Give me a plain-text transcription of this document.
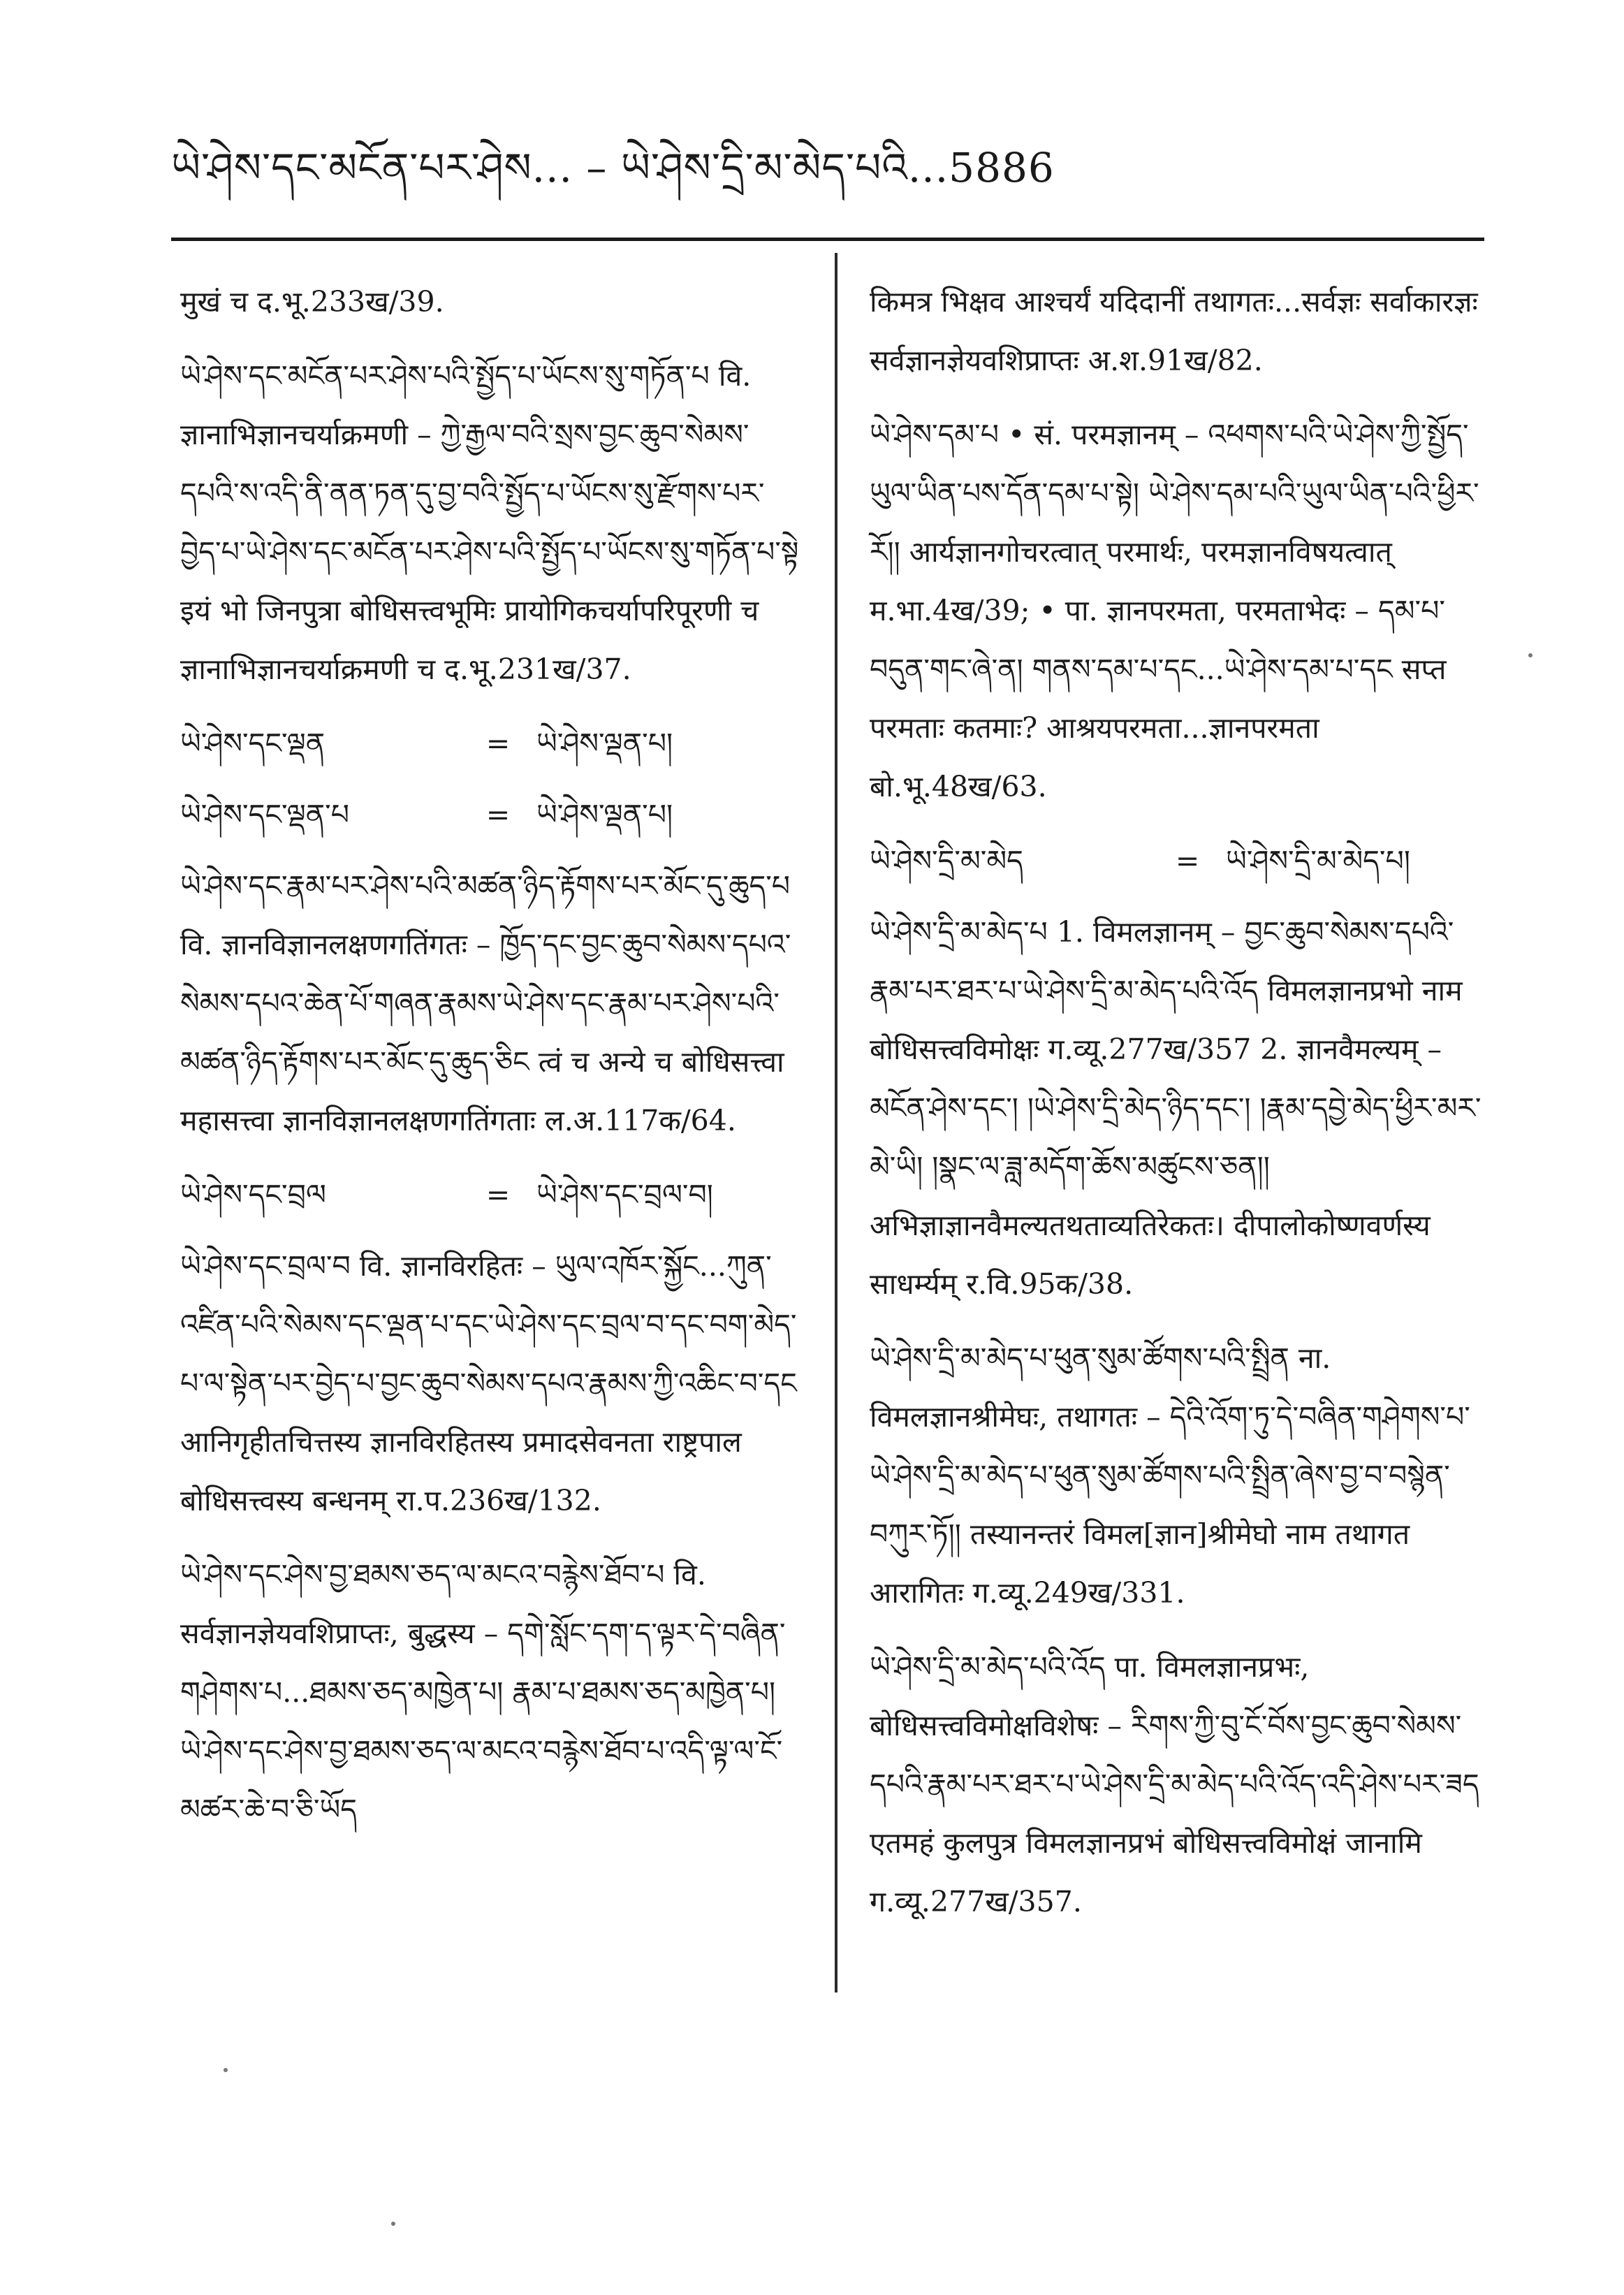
ཡེ་ཤེས་དང་མངོན་པར་ཤེས... – ཡེ་ཤེས་དྲི་མ་མེད་པའི...5886
मुखं च द.भू.233ख/39.
ཡེ་ཤེས་དང་མངོན་པར་ཤེས་པའི་སྤྱོད་པ་ཡོངས་སུ་གཏོན་པ वि. ज्ञानाभिज्ञानचर्याक्रमणी – ཀྱེ་རྒྱལ་བའི་སྲས་བྱང་ཆུབ་སེམས་དཔའི་ས་འདི་ནི་ནན་ཏན་དུ་བྱ་བའི་སྤྱོད་པ་ཡོངས་སུ་རྫོགས་པར་བྱེད་པ་ཡེ་ཤེས་དང་མངོན་པར་ཤེས་པའི་སྤྱོད་པ་ཡོངས་སུ་གཏོན་པ་སྟེ इयं भो जिनपुत्रा बोधिसत्त्वभूमिः प्रायोगिकचर्यापरिपूरणी च ज्ञानाभिज्ञानचर्याक्रमणी च द.भू.231ख/37.
ཡེ་ཤེས་དང་ལྡན	= ཡེ་ཤེས་ལྡན་པ།
ཡེ་ཤེས་དང་ལྡན་པ	= ཡེ་ཤེས་ལྡན་པ།
ཡེ་ཤེས་དང་རྣམ་པར་ཤེས་པའི་མཚན་ཉིད་རྟོགས་པར་མོང་དུ་ཆུད་པ वि. ज्ञानविज्ञानलक्षणगतिंगतः – ཁྱོད་དང་བྱང་ཆུབ་སེམས་དཔའ་སེམས་དཔའ་ཆེན་པོ་གཞན་རྣམས་ཡེ་ཤེས་དང་རྣམ་པར་ཤེས་པའི་མཚན་ཉིད་རྟོགས་པར་མོང་དུ་ཆུད་ཅིང त्वं च अन्ये च बोधिसत्त्वा महासत्त्वा ज्ञानविज्ञानलक्षणगतिंगताः ल.अ.117क/64.
ཡེ་ཤེས་དང་བྲལ	= ཡེ་ཤེས་དང་བྲལ་བ།
ཡེ་ཤེས་དང་བྲལ་བ वि. ज्ञानविरहितः – ཡུལ་འཁོར་སྐྱོང...ཀུན་འཛིན་པའི་སེམས་དང་ལྡན་པ་དང་ཡེ་ཤེས་དང་བྲལ་བ་དང་བག་མེད་པ་ལ་སྟེན་པར་བྱེད་པ་བྱང་ཆུབ་སེམས་དཔའ་རྣམས་ཀྱི་འཆིང་བ་དང आनिगृहीतचित्तस्य ज्ञानविरहितस्य प्रमादसेवनता राष्ट्रपाल बोधिसत्त्वस्य बन्धनम् रा.प.236ख/132.
ཡེ་ཤེས་དང་ཤེས་བྱ་ཐམས་ཅད་ལ་མངའ་བརྙེས་ཐོབ་པ वि. सर्वज्ञानज्ञेयवशिप्राप्तः, बुद्धस्य – དགེ་སློང་དག་ད་ལྟར་དེ་བཞིན་གཤེགས་པ...ཐམས་ཅད་མཁྱེན་པ། རྣམ་པ་ཐམས་ཅད་མཁྱེན་པ། ཡེ་ཤེས་དང་ཤེས་བྱ་ཐམས་ཅད་ལ་མངའ་བརྙེས་ཐོབ་པ་འདི་ལྟ་ལ་ངོ་མཚར་ཆེ་བ་ཅི་ཡོད
किमत्र भिक्षव आश्चर्यं यदिदानीं तथागतः...सर्वज्ञः सर्वाकारज्ञः सर्वज्ञानज्ञेयवशिप्राप्तः अ.श.91ख/82.
ཡེ་ཤེས་དམ་པ • सं. परमज्ञानम् – འཕགས་པའི་ཡེ་ཤེས་ཀྱི་སྤྱོད་ཡུལ་ཡིན་པས་དོན་དམ་པ་སྟེ། ཡེ་ཤེས་དམ་པའི་ཡུལ་ཡིན་པའི་ཕྱིར་རོ།། आर्यज्ञानगोचरत्वात् परमार्थः, परमज्ञानविषयत्वात् म.भा.4ख/39; • पा. ज्ञानपरमता, परमताभेदः – དམ་པ་བདུན་གང་ཞེ་ན། གནས་དམ་པ་དང...ཡེ་ཤེས་དམ་པ་དང सप्त परमताः कतमाः? आश्रयपरमता...ज्ञानपरमता बो.भू.48ख/63.
ཡེ་ཤེས་དྲི་མ་མེད	= ཡེ་ཤེས་དྲི་མ་མེད་པ།
ཡེ་ཤེས་དྲི་མ་མེད་པ 1. विमलज्ञानम् – བྱང་ཆུབ་སེམས་དཔའི་རྣམ་པར་ཐར་པ་ཡེ་ཤེས་དྲི་མ་མེད་པའི་འོད विमलज्ञानप्रभो नाम बोधिसत्त्वविमोक्षः ग.व्यू.277ख/357 2. ज्ञानवैमल्यम् – མངོན་ཤེས་དང་། །ཡེ་ཤེས་དྲི་མེད་ཉིད་དང་། །རྣམ་དབྱེ་མེད་ཕྱིར་མར་མེ་ཡི། །སྣང་ལ་ཟླ་མདོག་ཆོས་མཚུངས་ཅན།། अभिज्ञाज्ञानवैमल्यतथताव्यतिरेकतः। दीपालोकोष्णवर्णस्य साधर्म्यम् र.वि.95क/38.
ཡེ་ཤེས་དྲི་མ་མེད་པ་ཕུན་སུམ་ཚོགས་པའི་སྤྲིན ना. विमलज्ञानश्रीमेघः, तथागतः – དེའི་འོག་ཏུ་དེ་བཞིན་གཤེགས་པ་ཡེ་ཤེས་དྲི་མ་མེད་པ་ཕུན་སུམ་ཚོགས་པའི་སྤྲིན་ཞེས་བྱ་བ་བསྙེན་བཀུར་ཏོ།། तस्यानन्तरं विमल[ज्ञान]श्रीमेघो नाम तथागत आरागितः ग.व्यू.249ख/331.
ཡེ་ཤེས་དྲི་མ་མེད་པའི་འོད पा. विमलज्ञानप्रभः, बोधिसत्त्वविमोक्षविशेषः – རིགས་ཀྱི་བུ་ངོ་བོས་བྱང་ཆུབ་སེམས་དཔའི་རྣམ་པར་ཐར་པ་ཡེ་ཤེས་དྲི་མ་མེད་པའི་འོད་འདི་ཤེས་པར་ཟད एतमहं कुलपुत्र विमलज्ञानप्रभं बोधिसत्त्वविमोक्षं जानामि ग.व्यू.277ख/357.
